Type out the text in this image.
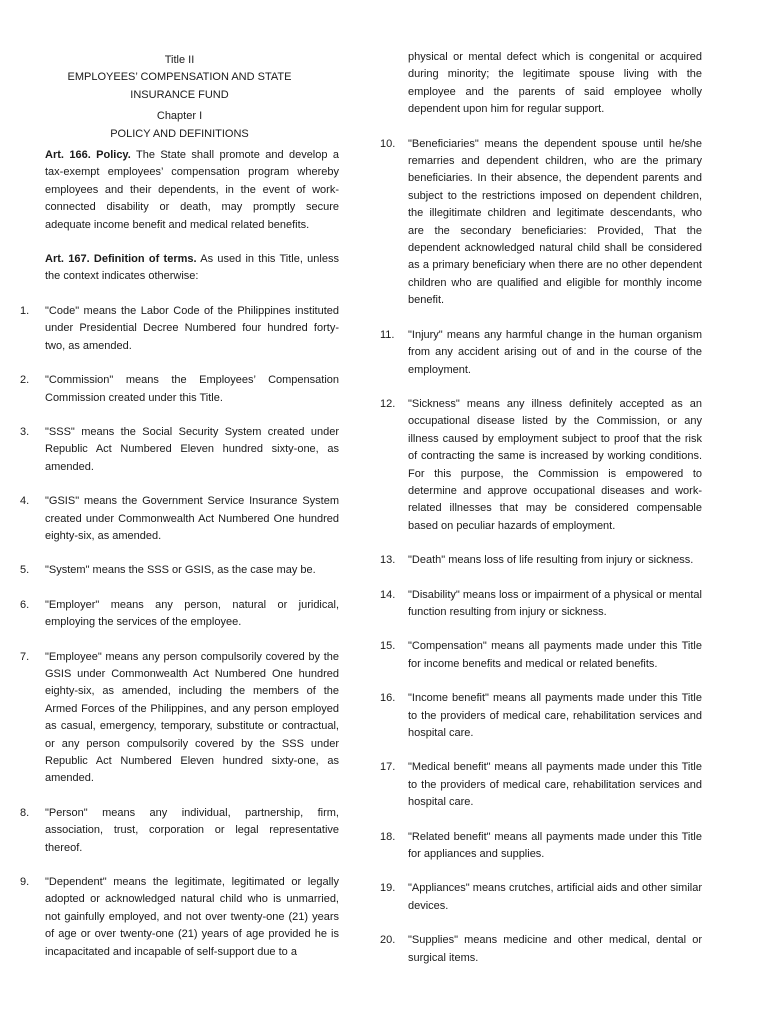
Title II
EMPLOYEES’ COMPENSATION AND STATE INSURANCE FUND
Chapter I
POLICY AND DEFINITIONS

Art. 166. Policy. The State shall promote and develop a tax-exempt employees’ compensation program whereby employees and their dependents, in the event of work-connected disability or death, may promptly secure adequate income benefit and medical related benefits.

Art. 167. Definition of terms. As used in this Title, unless the context indicates otherwise:

1. "Code" means the Labor Code of the Philippines instituted under Presidential Decree Numbered four hundred forty-two, as amended.

2. "Commission" means the Employees’ Compensation Commission created under this Title.

3. "SSS" means the Social Security System created under Republic Act Numbered Eleven hundred sixty-one, as amended.

4. "GSIS" means the Government Service Insurance System created under Commonwealth Act Numbered One hundred eighty-six, as amended.

5. "System" means the SSS or GSIS, as the case may be.

6. "Employer" means any person, natural or juridical, employing the services of the employee.

7. "Employee" means any person compulsorily covered by the GSIS under Commonwealth Act Numbered One hundred eighty-six, as amended, including the members of the Armed Forces of the Philippines, and any person employed as casual, emergency, temporary, substitute or contractual, or any person compulsorily covered by the SSS under Republic Act Numbered Eleven hundred sixty-one, as amended.

8. "Person" means any individual, partnership, firm, association, trust, corporation or legal representative thereof.

9. "Dependent" means the legitimate, legitimated or legally adopted or acknowledged natural child who is unmarried, not gainfully employed, and not over twenty-one (21) years of age or over twenty-one (21) years of age provided he is incapacitated and incapable of self-support due to a

physical or mental defect which is congenital or acquired during minority; the legitimate spouse living with the employee and the parents of said employee wholly dependent upon him for regular support.

10. "Beneficiaries" means the dependent spouse until he/she remarries and dependent children, who are the primary beneficiaries. In their absence, the dependent parents and subject to the restrictions imposed on dependent children, the illegitimate children and legitimate descendants, who are the secondary beneficiaries: Provided, That the dependent acknowledged natural child shall be considered as a primary beneficiary when there are no other dependent children who are qualified and eligible for monthly income benefit.

11. "Injury" means any harmful change in the human organism from any accident arising out of and in the course of the employment.

12. "Sickness" means any illness definitely accepted as an occupational disease listed by the Commission, or any illness caused by employment subject to proof that the risk of contracting the same is increased by working conditions. For this purpose, the Commission is empowered to determine and approve occupational diseases and work-related illnesses that may be considered compensable based on peculiar hazards of employment.

13. "Death" means loss of life resulting from injury or sickness.

14. "Disability" means loss or impairment of a physical or mental function resulting from injury or sickness.

15. "Compensation" means all payments made under this Title for income benefits and medical or related benefits.

16. "Income benefit" means all payments made under this Title to the providers of medical care, rehabilitation services and hospital care.

17. "Medical benefit" means all payments made under this Title to the providers of medical care, rehabilitation services and hospital care.

18. "Related benefit" means all payments made under this Title for appliances and supplies.

19. "Appliances" means crutches, artificial aids and other similar devices.

20. "Supplies" means medicine and other medical, dental or surgical items.
